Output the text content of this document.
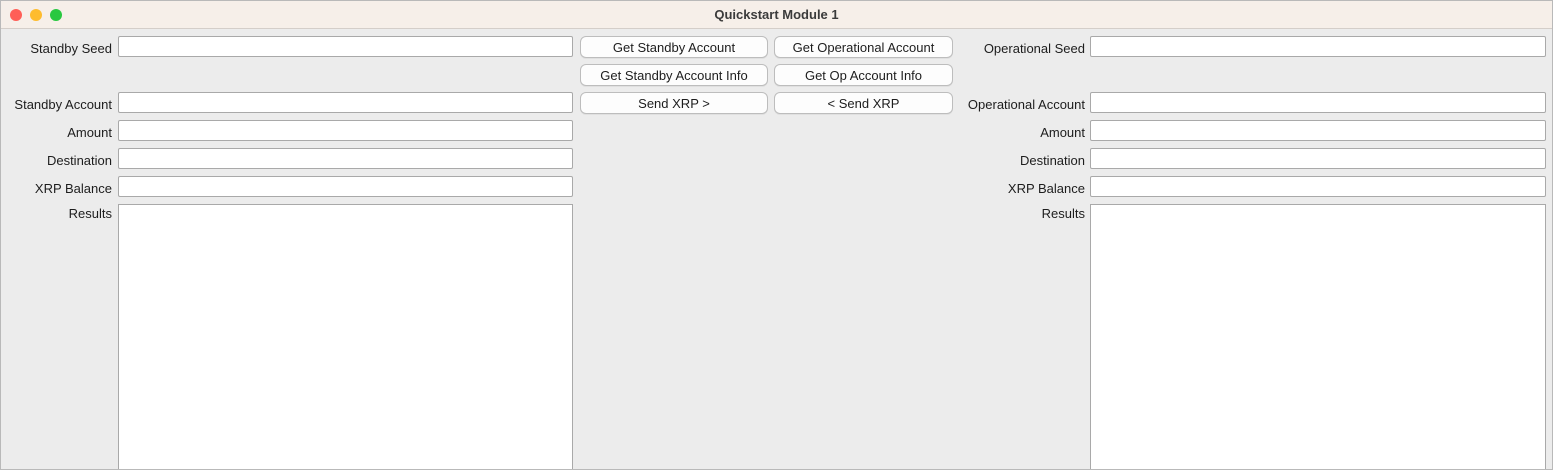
Quickstart Module 1
Standby Seed
Standby Account
Amount
Destination
XRP Balance
Results
Get Standby Account	Get Operational Account
Get Standby Account Info	Get Op Account Info
Send XRP >	< Send XRP
Operational Seed
Operational Account
Amount
Destination
XRP Balance
Results
